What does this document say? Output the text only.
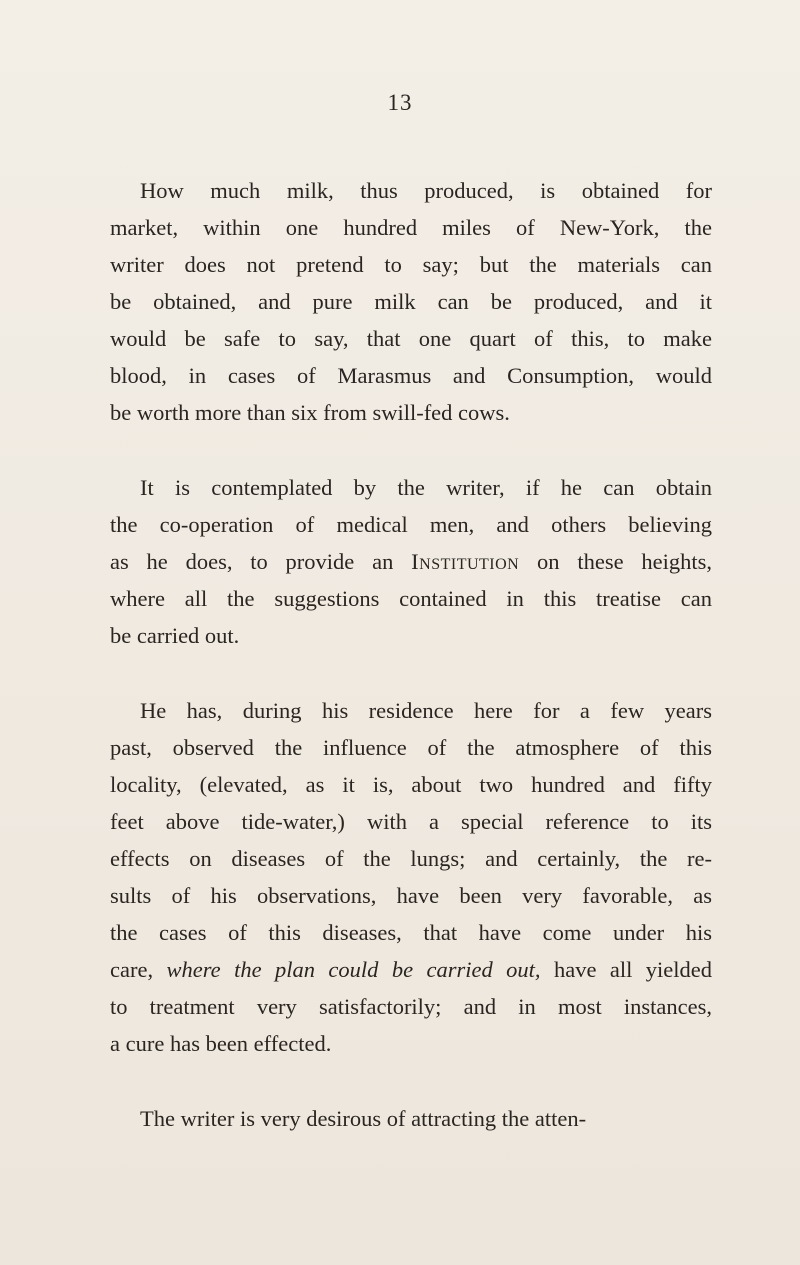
13
How much milk, thus produced, is obtained for
market, within one hundred miles of New-York, the
writer does not pretend to say; but the materials can
be obtained, and pure milk can be produced, and it
would be safe to say, that one quart of this, to make
blood, in cases of Marasmus and Consumption, would
be worth more than six from swill-fed cows.
It is contemplated by the writer, if he can obtain
the co-operation of medical men, and others believing
as he does, to provide an Institution on these heights,
where all the suggestions contained in this treatise can
be carried out.
He has, during his residence here for a few years
past, observed the influence of the atmosphere of this
locality, (elevated, as it is, about two hundred and fifty
feet above tide-water,) with a special reference to its
effects on diseases of the lungs; and certainly, the re-
sults of his observations, have been very favorable, as
the cases of this diseases, that have come under his
care, where the plan could be carried out, have all yielded
to treatment very satisfactorily; and in most instances,
a cure has been effected.
The writer is very desirous of attracting the atten-
